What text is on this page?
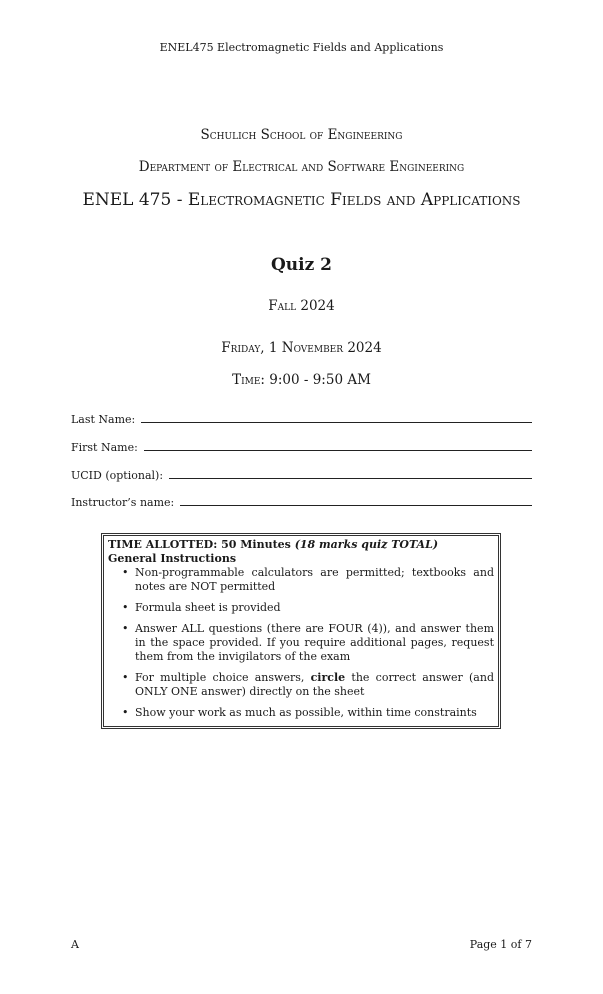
ENEL475 Electromagnetic Fields and Applications
Schulich School of Engineering
Department of Electrical and Software Engineering
ENEL 475 - Electromagnetic Fields and Applications
Quiz 2
Fall 2024
Friday, 1 November 2024
Time: 9:00 - 9:50 AM
Last Name:
First Name:
UCID (optional):
Instructor’s name:
TIME ALLOTTED: 50 Minutes (18 marks quiz TOTAL)
General Instructions
• Non-programmable calculators are permitted; textbooks and notes are NOT permitted
• Formula sheet is provided
• Answer ALL questions (there are FOUR (4)), and answer them in the space provided. If you require additional pages, request them from the invigilators of the exam
• For multiple choice answers, circle the correct answer (and ONLY ONE answer) directly on the sheet
• Show your work as much as possible, within time constraints
A	Page 1 of 7
